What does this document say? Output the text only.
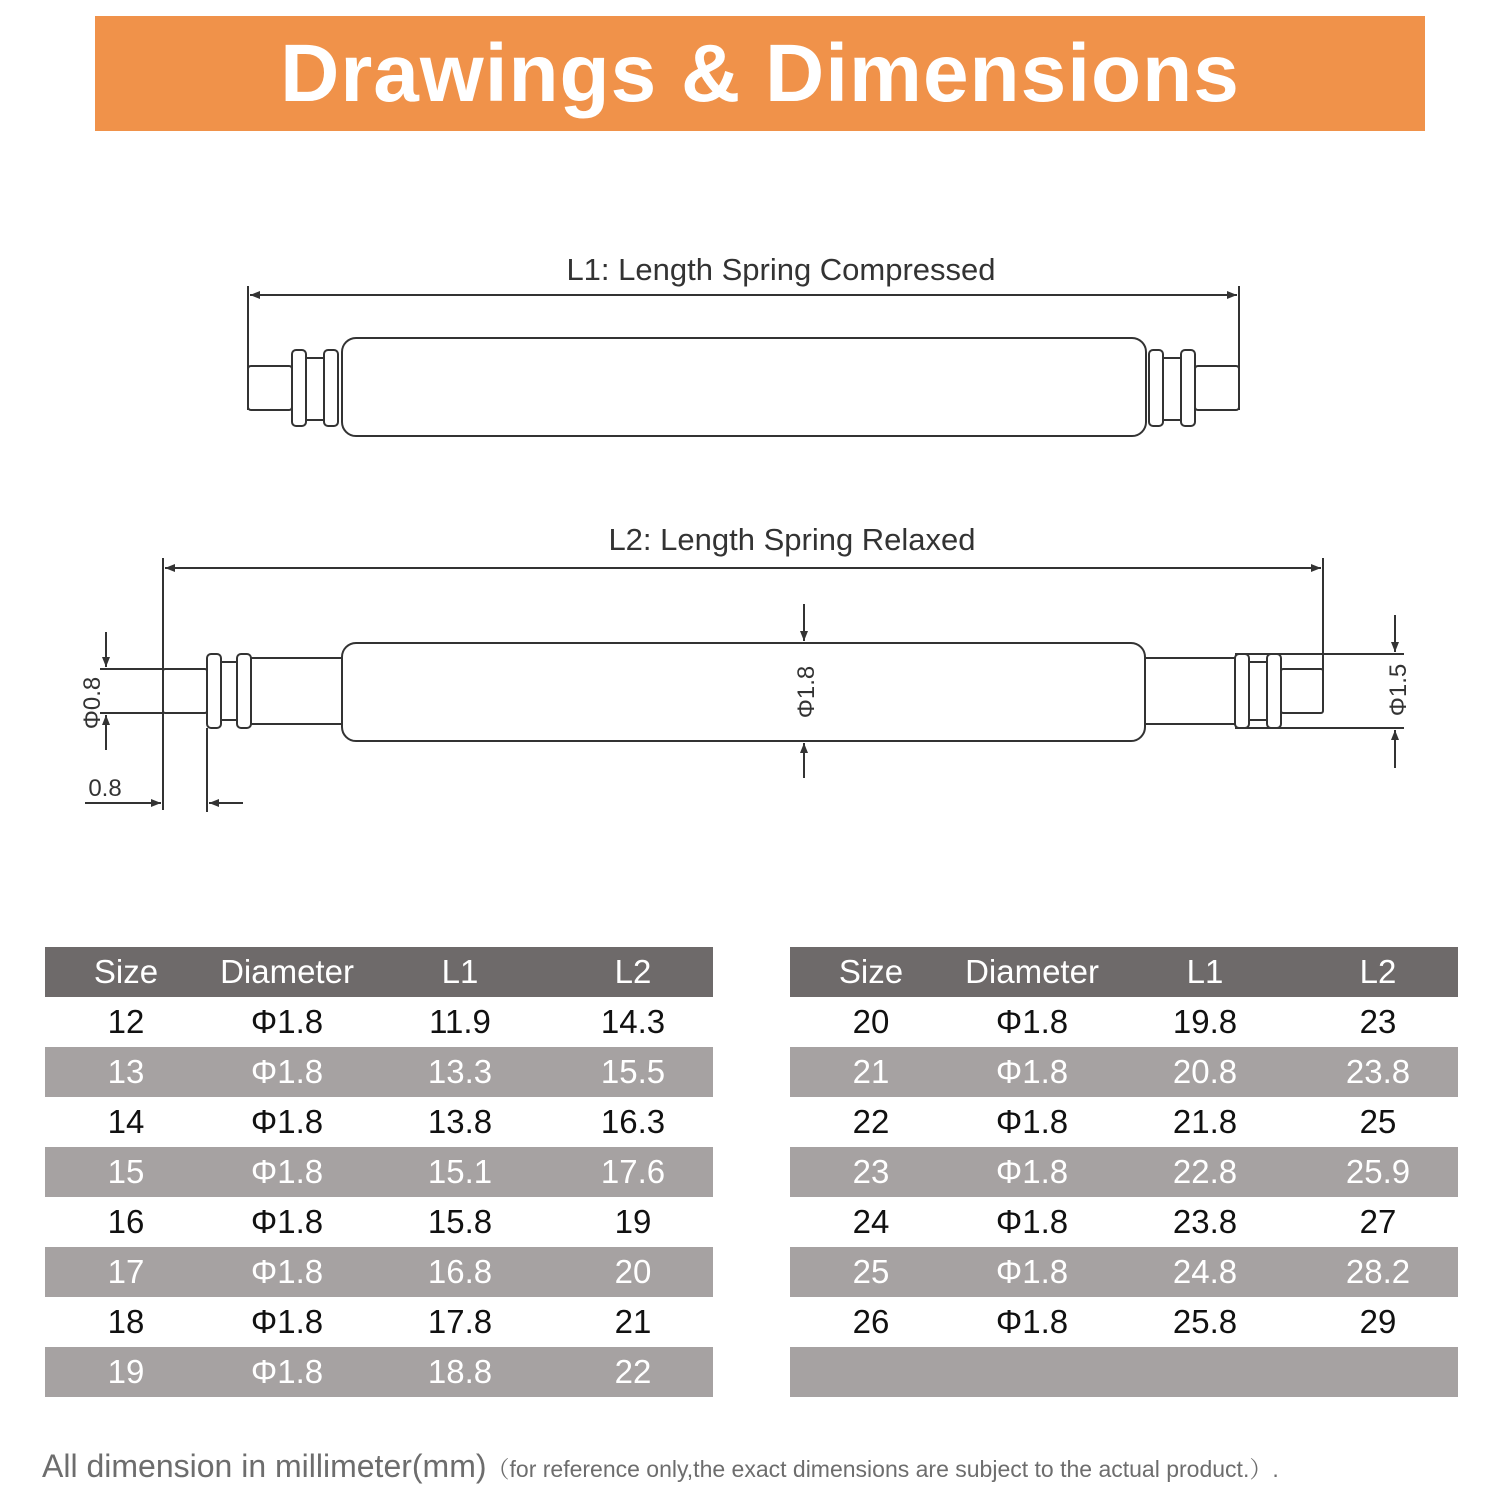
Drawings & Dimensions
L1: Length Spring Compressed
L2: Length Spring Relaxed
Φ0.8
0.8
Φ1.8	Φ1.5
Size	Diameter	L1	L2
12	Φ1.8	11.9	14.3
13	Φ1.8	13.3	15.5
14	Φ1.8	13.8	16.3
15	Φ1.8	15.1	17.6
16	Φ1.8	15.8	19
17	Φ1.8	16.8	20
18	Φ1.8	17.8	21
19	Φ1.8	18.8	22
Size	Diameter	L1	L2
20	Φ1.8	19.8	23
21	Φ1.8	20.8	23.8
22	Φ1.8	21.8	25
23	Φ1.8	22.8	25.9
24	Φ1.8	23.8	27
25	Φ1.8	24.8	28.2
26	Φ1.8	25.8	29

All dimension in millimeter(mm)（for reference only,the exact dimensions are subject to the actual product.）.
